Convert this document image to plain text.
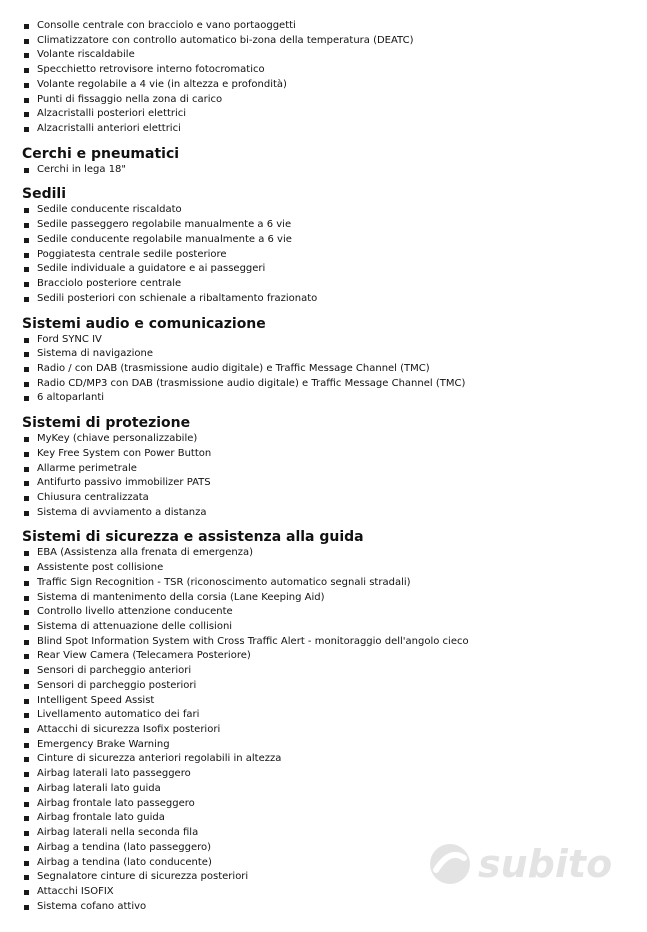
Consolle centrale con bracciolo e vano portaoggetti
Climatizzatore con controllo automatico bi-zona della temperatura (DEATC)
Volante riscaldabile
Specchietto retrovisore interno fotocromatico
Volante regolabile a 4 vie (in altezza e profondità)
Punti di fissaggio nella zona di carico
Alzacristalli posteriori elettrici
Alzacristalli anteriori elettrici
Cerchi e pneumatici
Cerchi in lega 18"
Sedili
Sedile conducente riscaldato
Sedile passeggero regolabile manualmente a 6 vie
Sedile conducente regolabile manualmente a 6 vie
Poggiatesta centrale sedile posteriore
Sedile individuale a guidatore e ai passeggeri
Bracciolo posteriore centrale
Sedili posteriori con schienale a ribaltamento frazionato
Sistemi audio e comunicazione
Ford SYNC IV
Sistema di navigazione
Radio / con DAB (trasmissione audio digitale) e Traffic Message Channel (TMC)
Radio CD/MP3 con DAB (trasmissione audio digitale) e Traffic Message Channel (TMC)
6 altoparlanti
Sistemi di protezione
MyKey (chiave personalizzabile)
Key Free System con Power Button
Allarme perimetrale
Antifurto passivo immobilizer PATS
Chiusura centralizzata
Sistema di avviamento a distanza
Sistemi di sicurezza e assistenza alla guida
EBA (Assistenza alla frenata di emergenza)
Assistente post collisione
Traffic Sign Recognition - TSR (riconoscimento automatico segnali stradali)
Sistema di mantenimento della corsia (Lane Keeping Aid)
Controllo livello attenzione conducente
Sistema di attenuazione delle collisioni
Blind Spot Information System with Cross Traffic Alert - monitoraggio dell'angolo cieco
Rear View Camera (Telecamera Posteriore)
Sensori di parcheggio anteriori
Sensori di parcheggio posteriori
Intelligent Speed Assist
Livellamento automatico dei fari
Attacchi di sicurezza Isofix posteriori
Emergency Brake Warning
Cinture di sicurezza anteriori regolabili in altezza
Airbag laterali lato passeggero
Airbag laterali lato guida
Airbag frontale lato passeggero
Airbag frontale lato guida
Airbag laterali nella seconda fila
Airbag a tendina (lato passeggero)
Airbag a tendina (lato conducente)
Segnalatore cinture di sicurezza posteriori
Attacchi ISOFIX
Sistema cofano attivo
subito
